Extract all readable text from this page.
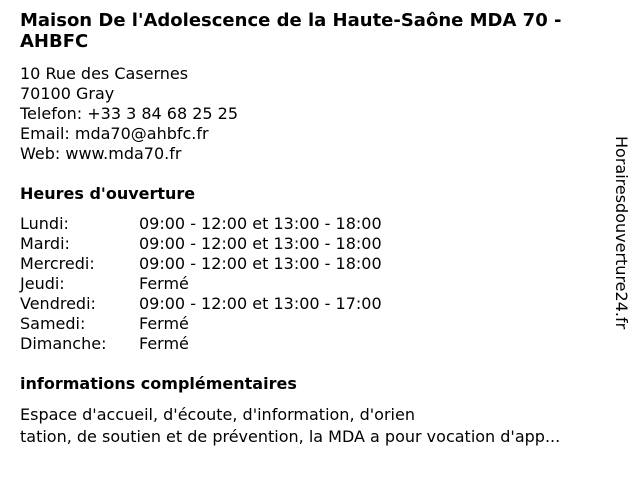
Maison De l'Adolescence de la Haute-Saône MDA 70 - AHBFC
10 Rue des Casernes
70100 Gray
Telefon: +33 3 84 68 25 25
Email: mda70@ahbfc.fr
Web: www.mda70.fr
Heures d'ouverture
Lundi:	09:00 - 12:00 et 13:00 - 18:00
Mardi:	09:00 - 12:00 et 13:00 - 18:00
Mercredi:	09:00 - 12:00 et 13:00 - 18:00
Jeudi:	Fermé
Vendredi:	09:00 - 12:00 et 13:00 - 17:00
Samedi:	Fermé
Dimanche: Fermé
informations complémentaires
Espace d'accueil, d'écoute, d'information, d'orien
tation, de soutien et de prévention, la MDA a pour vocation d'app...
Horairesdouverture24.fr
